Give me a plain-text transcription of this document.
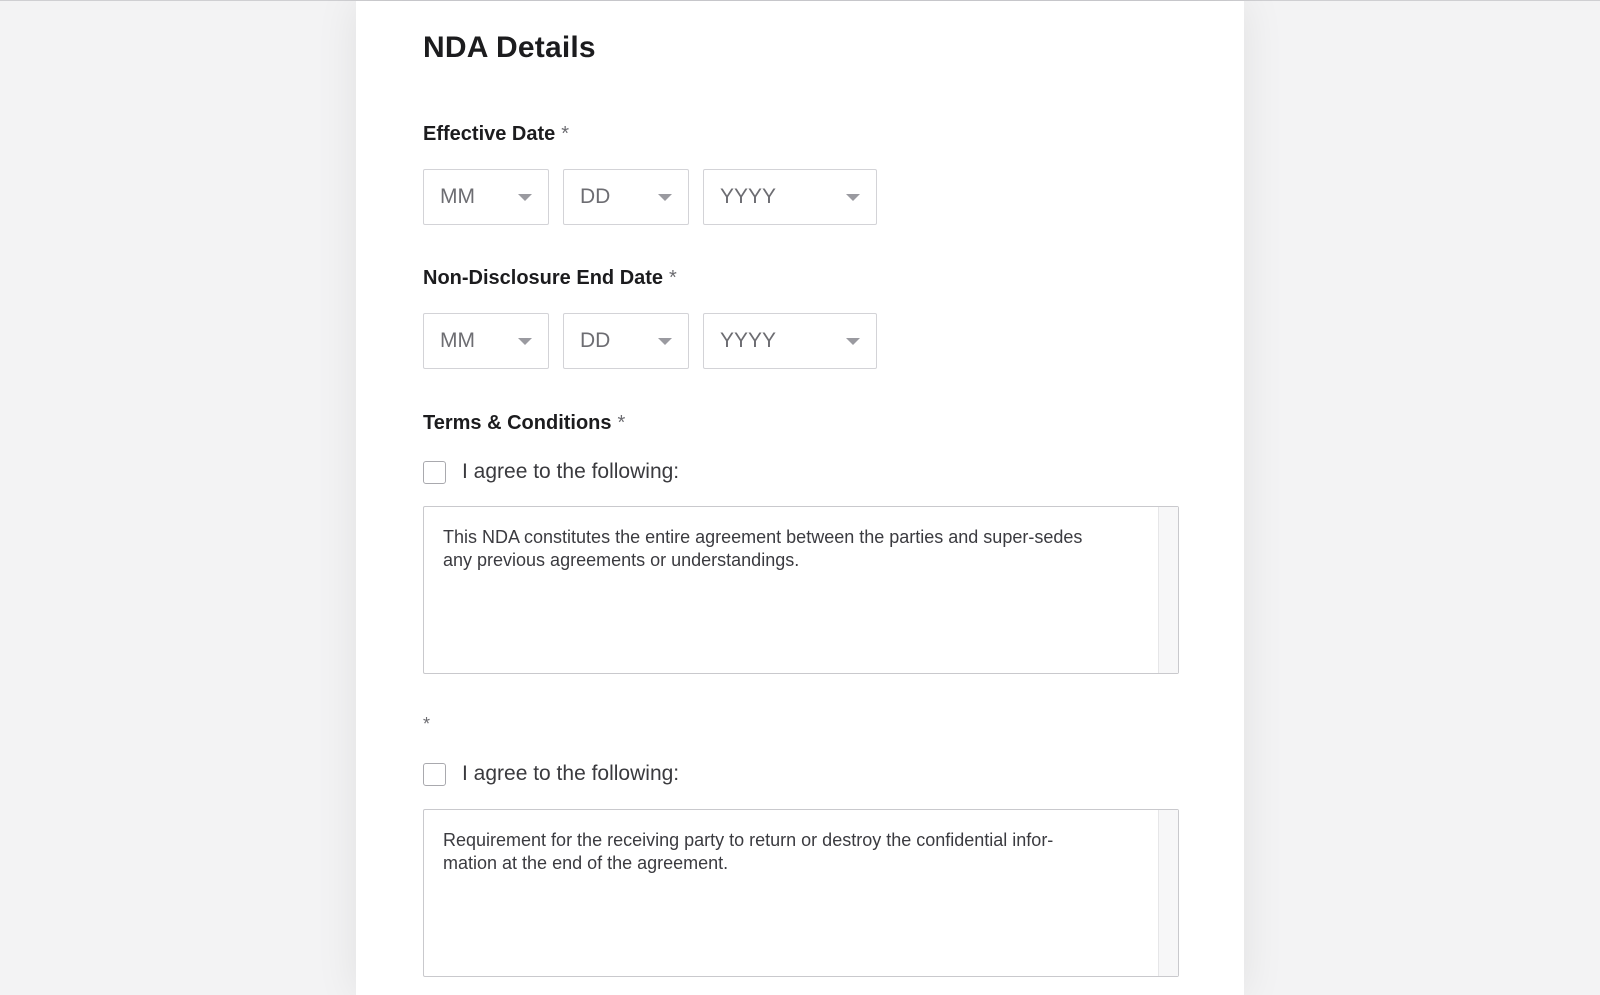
NDA Details
Effective Date *
MM	DD	YYYY
Non-Disclosure End Date *
MM	DD	YYYY
Terms & Conditions *
I agree to the following:
This NDA constitutes the entire agreement between the parties and super-sedes any previous agreements or understandings.
*
I agree to the following:
Requirement for the receiving party to return or destroy the confidential infor-mation at the end of the agreement.
